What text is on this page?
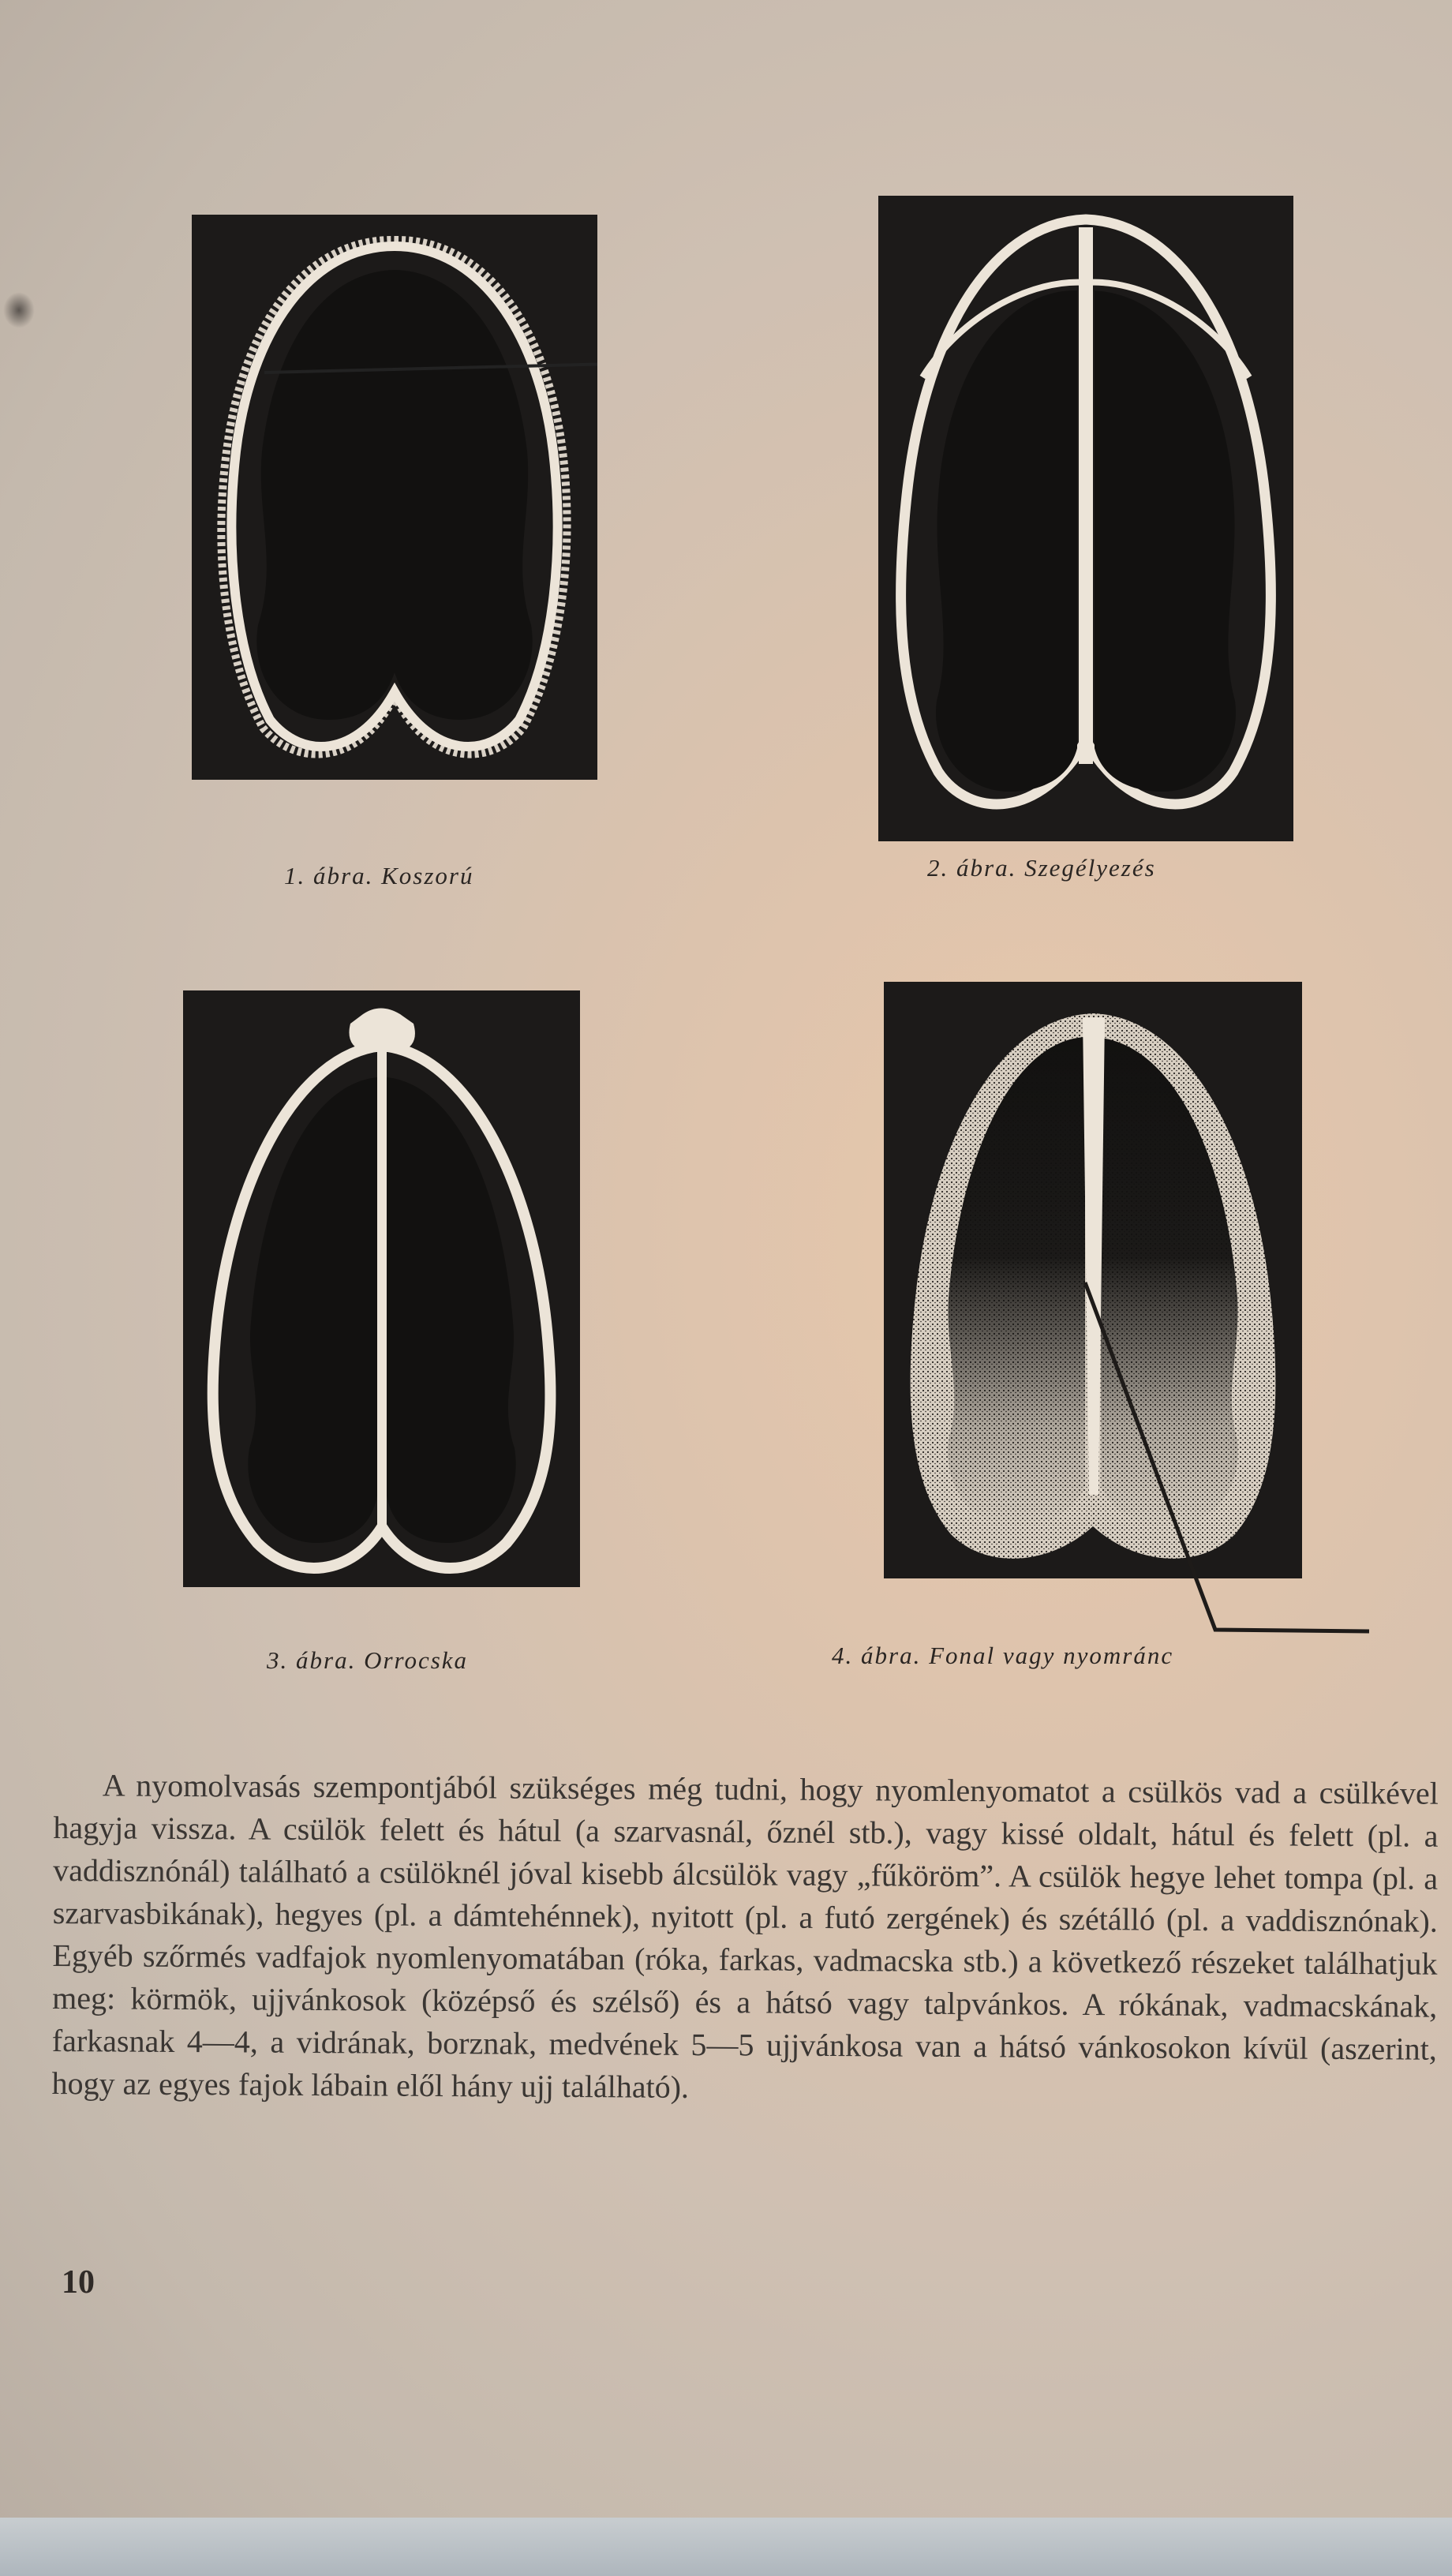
1. ábra. Koszorú	2. ábra. Szegélyezés
3. ábra. Orrocska	4. ábra. Fonal vagy nyomránc

A nyomolvasás szempontjából szükséges még tudni, hogy nyomlenyomatot a csülkös vad a csülkével hagyja vissza. A csülök felett és hátul (a szarvasnál, őznél stb.), vagy kissé oldalt, hátul és felett (pl. a vaddisznónál) található a csülöknél jóval kisebb álcsülök vagy „fűköröm”. A csülök hegye lehet tompa (pl. a szarvasbikának), hegyes (pl. a dámtehénnek), nyitott (pl. a futó zergének) és szétálló (pl. a vaddisznónak). Egyéb szőrmés vadfajok nyomlenyomatában (róka, farkas, vadmacska stb.) a következő részeket találhatjuk meg: körmök, ujjvánkosok (középső és szélső) és a hátsó vagy talpvánkos. A rókának, vadmacskának, farkasnak 4—4, a vidrának, borznak, medvének 5—5 ujjvánkosa van a hátsó vánkosokon kívül (aszerint, hogy az egyes fajok lábain elől hány ujj található).

10
